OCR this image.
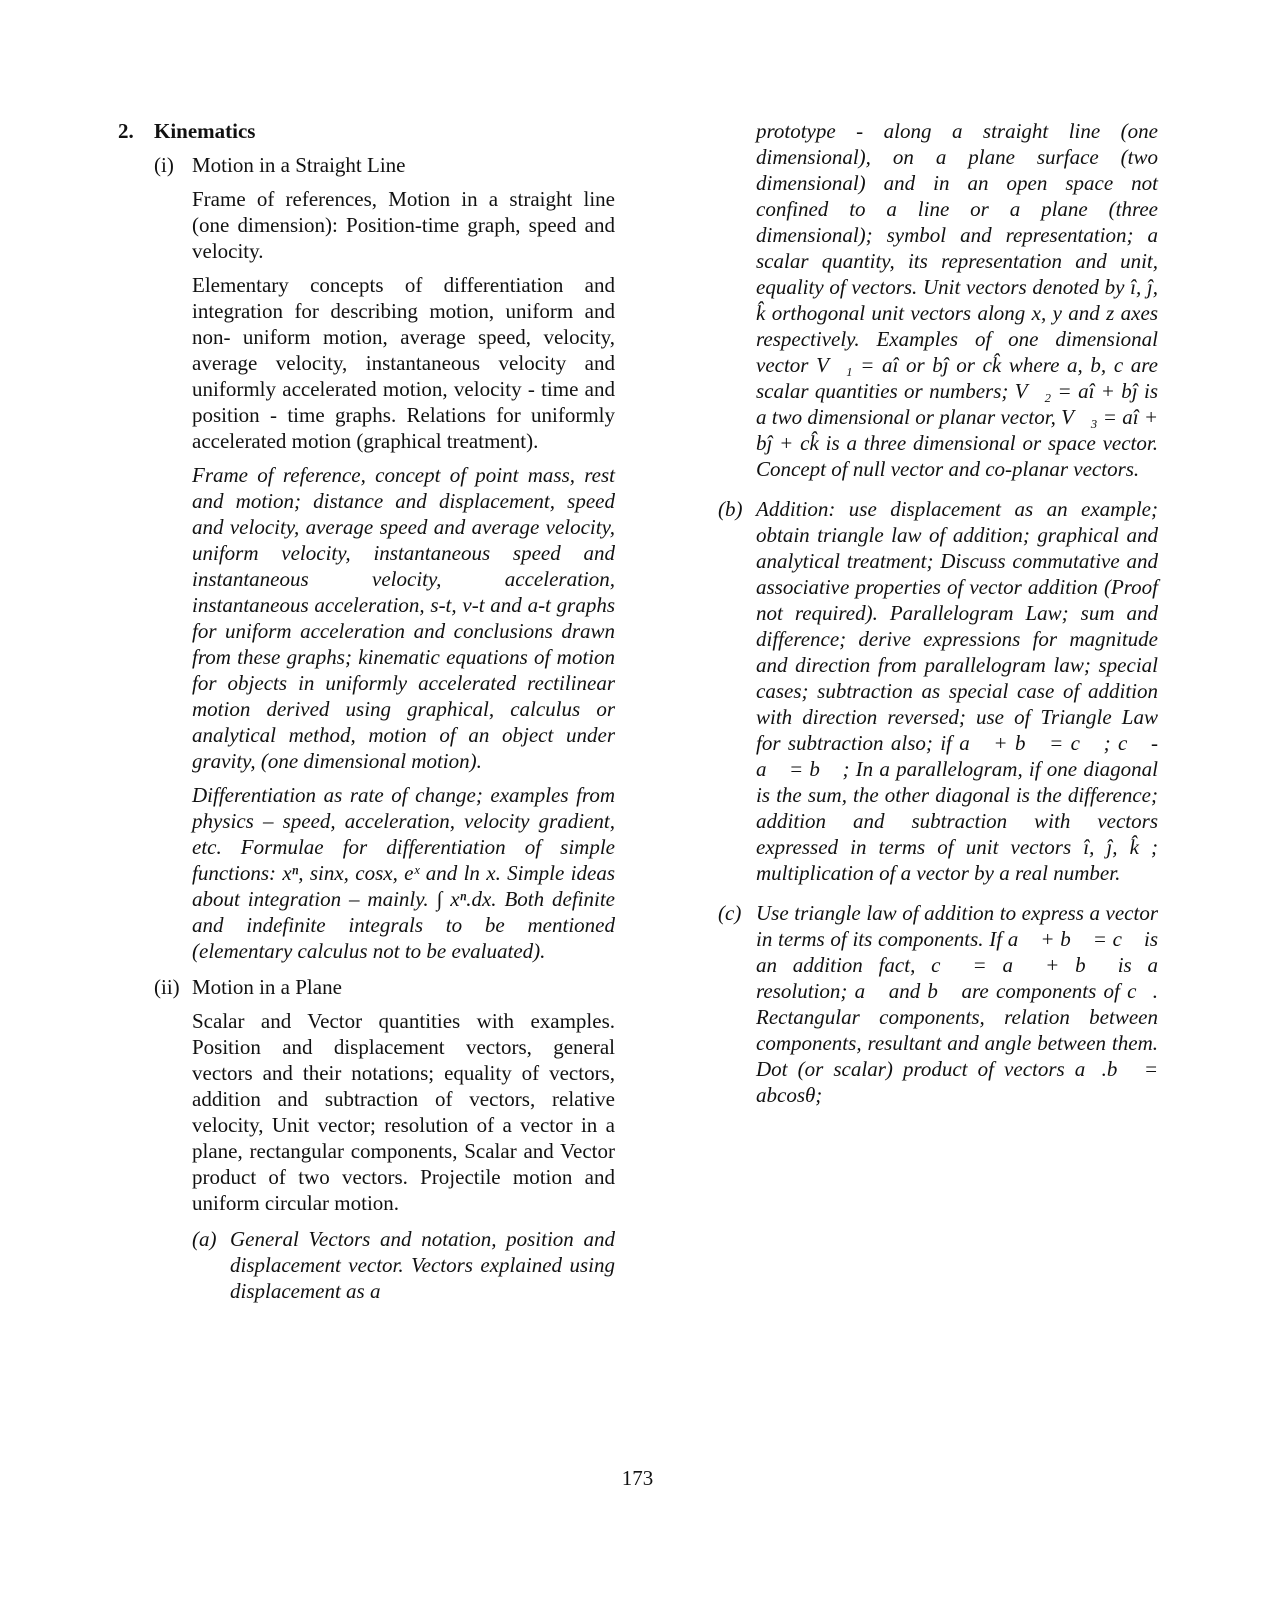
2. Kinematics
(i) Motion in a Straight Line

Frame of references, Motion in a straight line (one dimension): Position-time graph, speed and velocity.

Elementary concepts of differentiation and integration for describing motion, uniform and non- uniform motion, average speed, velocity, average velocity, instantaneous velocity and uniformly accelerated motion, velocity - time and position - time graphs. Relations for uniformly accelerated motion (graphical treatment).

Frame of reference, concept of point mass, rest and motion; distance and displacement, speed and velocity, average speed and average velocity, uniform velocity, instantaneous speed and instantaneous velocity, acceleration, instantaneous acceleration, s-t, v-t and a-t graphs for uniform acceleration and conclusions drawn from these graphs; kinematic equations of motion for objects in uniformly accelerated rectilinear motion derived using graphical, calculus or analytical method, motion of an object under gravity, (one dimensional motion).

Differentiation as rate of change; examples from physics – speed, acceleration, velocity gradient, etc. Formulae for differentiation of simple functions: xⁿ, sinx, cosx, eˣ and ln x. Simple ideas about integration – mainly. ∫ xⁿ.dx. Both definite and indefinite integrals to be mentioned (elementary calculus not to be evaluated).

(ii) Motion in a Plane

Scalar and Vector quantities with examples. Position and displacement vectors, general vectors and their notations; equality of vectors, addition and subtraction of vectors, relative velocity, Unit vector; resolution of a vector in a plane, rectangular components, Scalar and Vector product of two vectors. Projectile motion and uniform circular motion.

(a) General Vectors and notation, position and displacement vector. Vectors explained using displacement as a

prototype - along a straight line (one dimensional), on a plane surface (two dimensional) and in an open space not confined to a line or a plane (three dimensional); symbol and representation; a scalar quantity, its representation and unit, equality of vectors. Unit vectors denoted by î, ĵ, k̂ orthogonal unit vectors along x, y and z axes respectively. Examples of one dimensional vector V⃗₁ = aî or bĵ or ck̂ where a, b, c are scalar quantities or numbers; V⃗₂ = aî + bĵ is a two dimensional or planar vector, V⃗₃ = aî + bĵ + ck̂ is a three dimensional or space vector. Concept of null vector and co-planar vectors.

(b) Addition: use displacement as an example; obtain triangle law of addition; graphical and analytical treatment; Discuss commutative and associative properties of vector addition (Proof not required). Parallelogram Law; sum and difference; derive expressions for magnitude and direction from parallelogram law; special cases; subtraction as special case of addition with direction reversed; use of Triangle Law for subtraction also; if a⃗ + b⃗ = c⃗ ; c⃗ - a⃗ = b⃗ ; In a parallelogram, if one diagonal is the sum, the other diagonal is the difference; addition and subtraction with vectors expressed in terms of unit vectors î, ĵ, k̂ ; multiplication of a vector by a real number.

(c) Use triangle law of addition to express a vector in terms of its components. If a⃗ + b⃗ = c⃗ is an addition fact, c⃗ = a⃗ + b⃗ is a resolution; a⃗ and b⃗ are components of c⃗. Rectangular components, relation between components, resultant and angle between them. Dot (or scalar) product of vectors a⃗.b⃗ = abcosθ;

173
